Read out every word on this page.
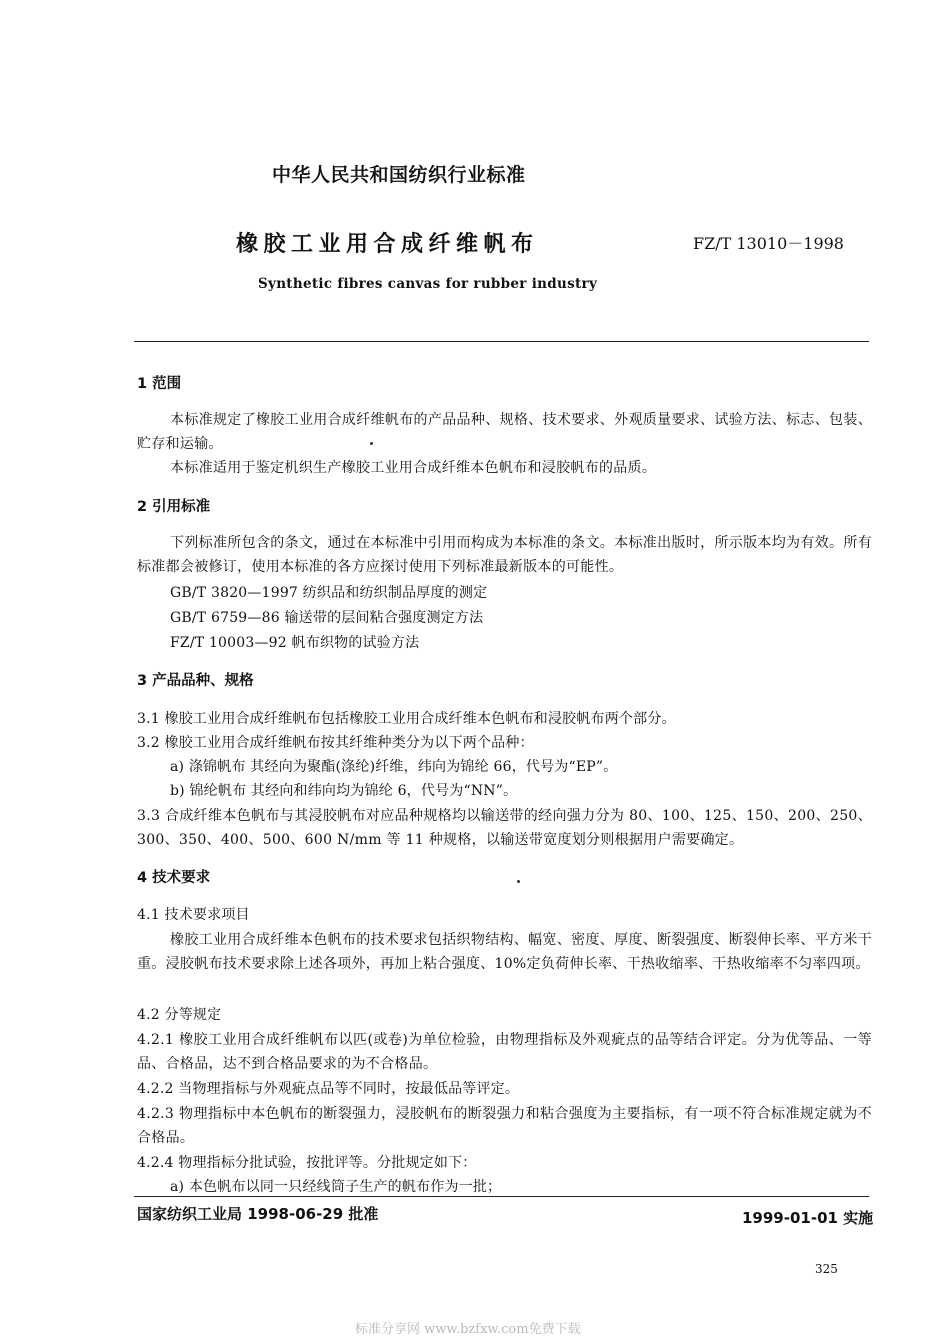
中华人民共和国纺织行业标准
橡胶工业用合成纤维帆布	FZ/T 13010－1998
Synthetic fibres canvas for rubber industry
1 范围
本标准规定了橡胶工业用合成纤维帆布的产品品种、规格、技术要求、外观质量要求、试验方法、标志、包装、贮存和运输。
本标准适用于鉴定机织生产橡胶工业用合成纤维本色帆布和浸胶帆布的品质。
2 引用标准
下列标准所包含的条文，通过在本标准中引用而构成为本标准的条文。本标准出版时，所示版本均为有效。所有标准都会被修订，使用本标准的各方应探讨使用下列标准最新版本的可能性。
GB/T 3820—1997 纺织品和纺织制品厚度的测定
GB/T 6759—86 输送带的层间粘合强度测定方法
FZ/T 10003—92 帆布织物的试验方法
3 产品品种、规格
3.1 橡胶工业用合成纤维帆布包括橡胶工业用合成纤维本色帆布和浸胶帆布两个部分。
3.2 橡胶工业用合成纤维帆布按其纤维种类分为以下两个品种：
a) 涤锦帆布 其经向为聚酯(涤纶)纤维，纬向为锦纶 66，代号为“EP”。
b) 锦纶帆布 其经向和纬向均为锦纶 6，代号为“NN”。
3.3 合成纤维本色帆布与其浸胶帆布对应品种规格均以输送带的经向强力分为 80、100、125、150、200、250、300、350、400、500、600 N/mm 等 11 种规格，以输送带宽度划分则根据用户需要确定。
4 技术要求
4.1 技术要求项目
橡胶工业用合成纤维本色帆布的技术要求包括织物结构、幅宽、密度、厚度、断裂强度、断裂伸长率、平方米干重。浸胶帆布技术要求除上述各项外，再加上粘合强度、10%定负荷伸长率、干热收缩率、干热收缩率不匀率四项。
4.2 分等规定
4.2.1 橡胶工业用合成纤维帆布以匹(或卷)为单位检验，由物理指标及外观疵点的品等结合评定。分为优等品、一等品、合格品，达不到合格品要求的为不合格品。
4.2.2 当物理指标与外观疵点品等不同时，按最低品等评定。
4.2.3 物理指标中本色帆布的断裂强力，浸胶帆布的断裂强力和粘合强度为主要指标，有一项不符合标准规定就为不合格品。
4.2.4 物理指标分批试验，按批评等。分批规定如下：
a) 本色帆布以同一只经线筒子生产的帆布作为一批；
国家纺织工业局 1998-06-29 批准	1999-01-01 实施
325
标准分享网 www.bzfxw.com免费下载
